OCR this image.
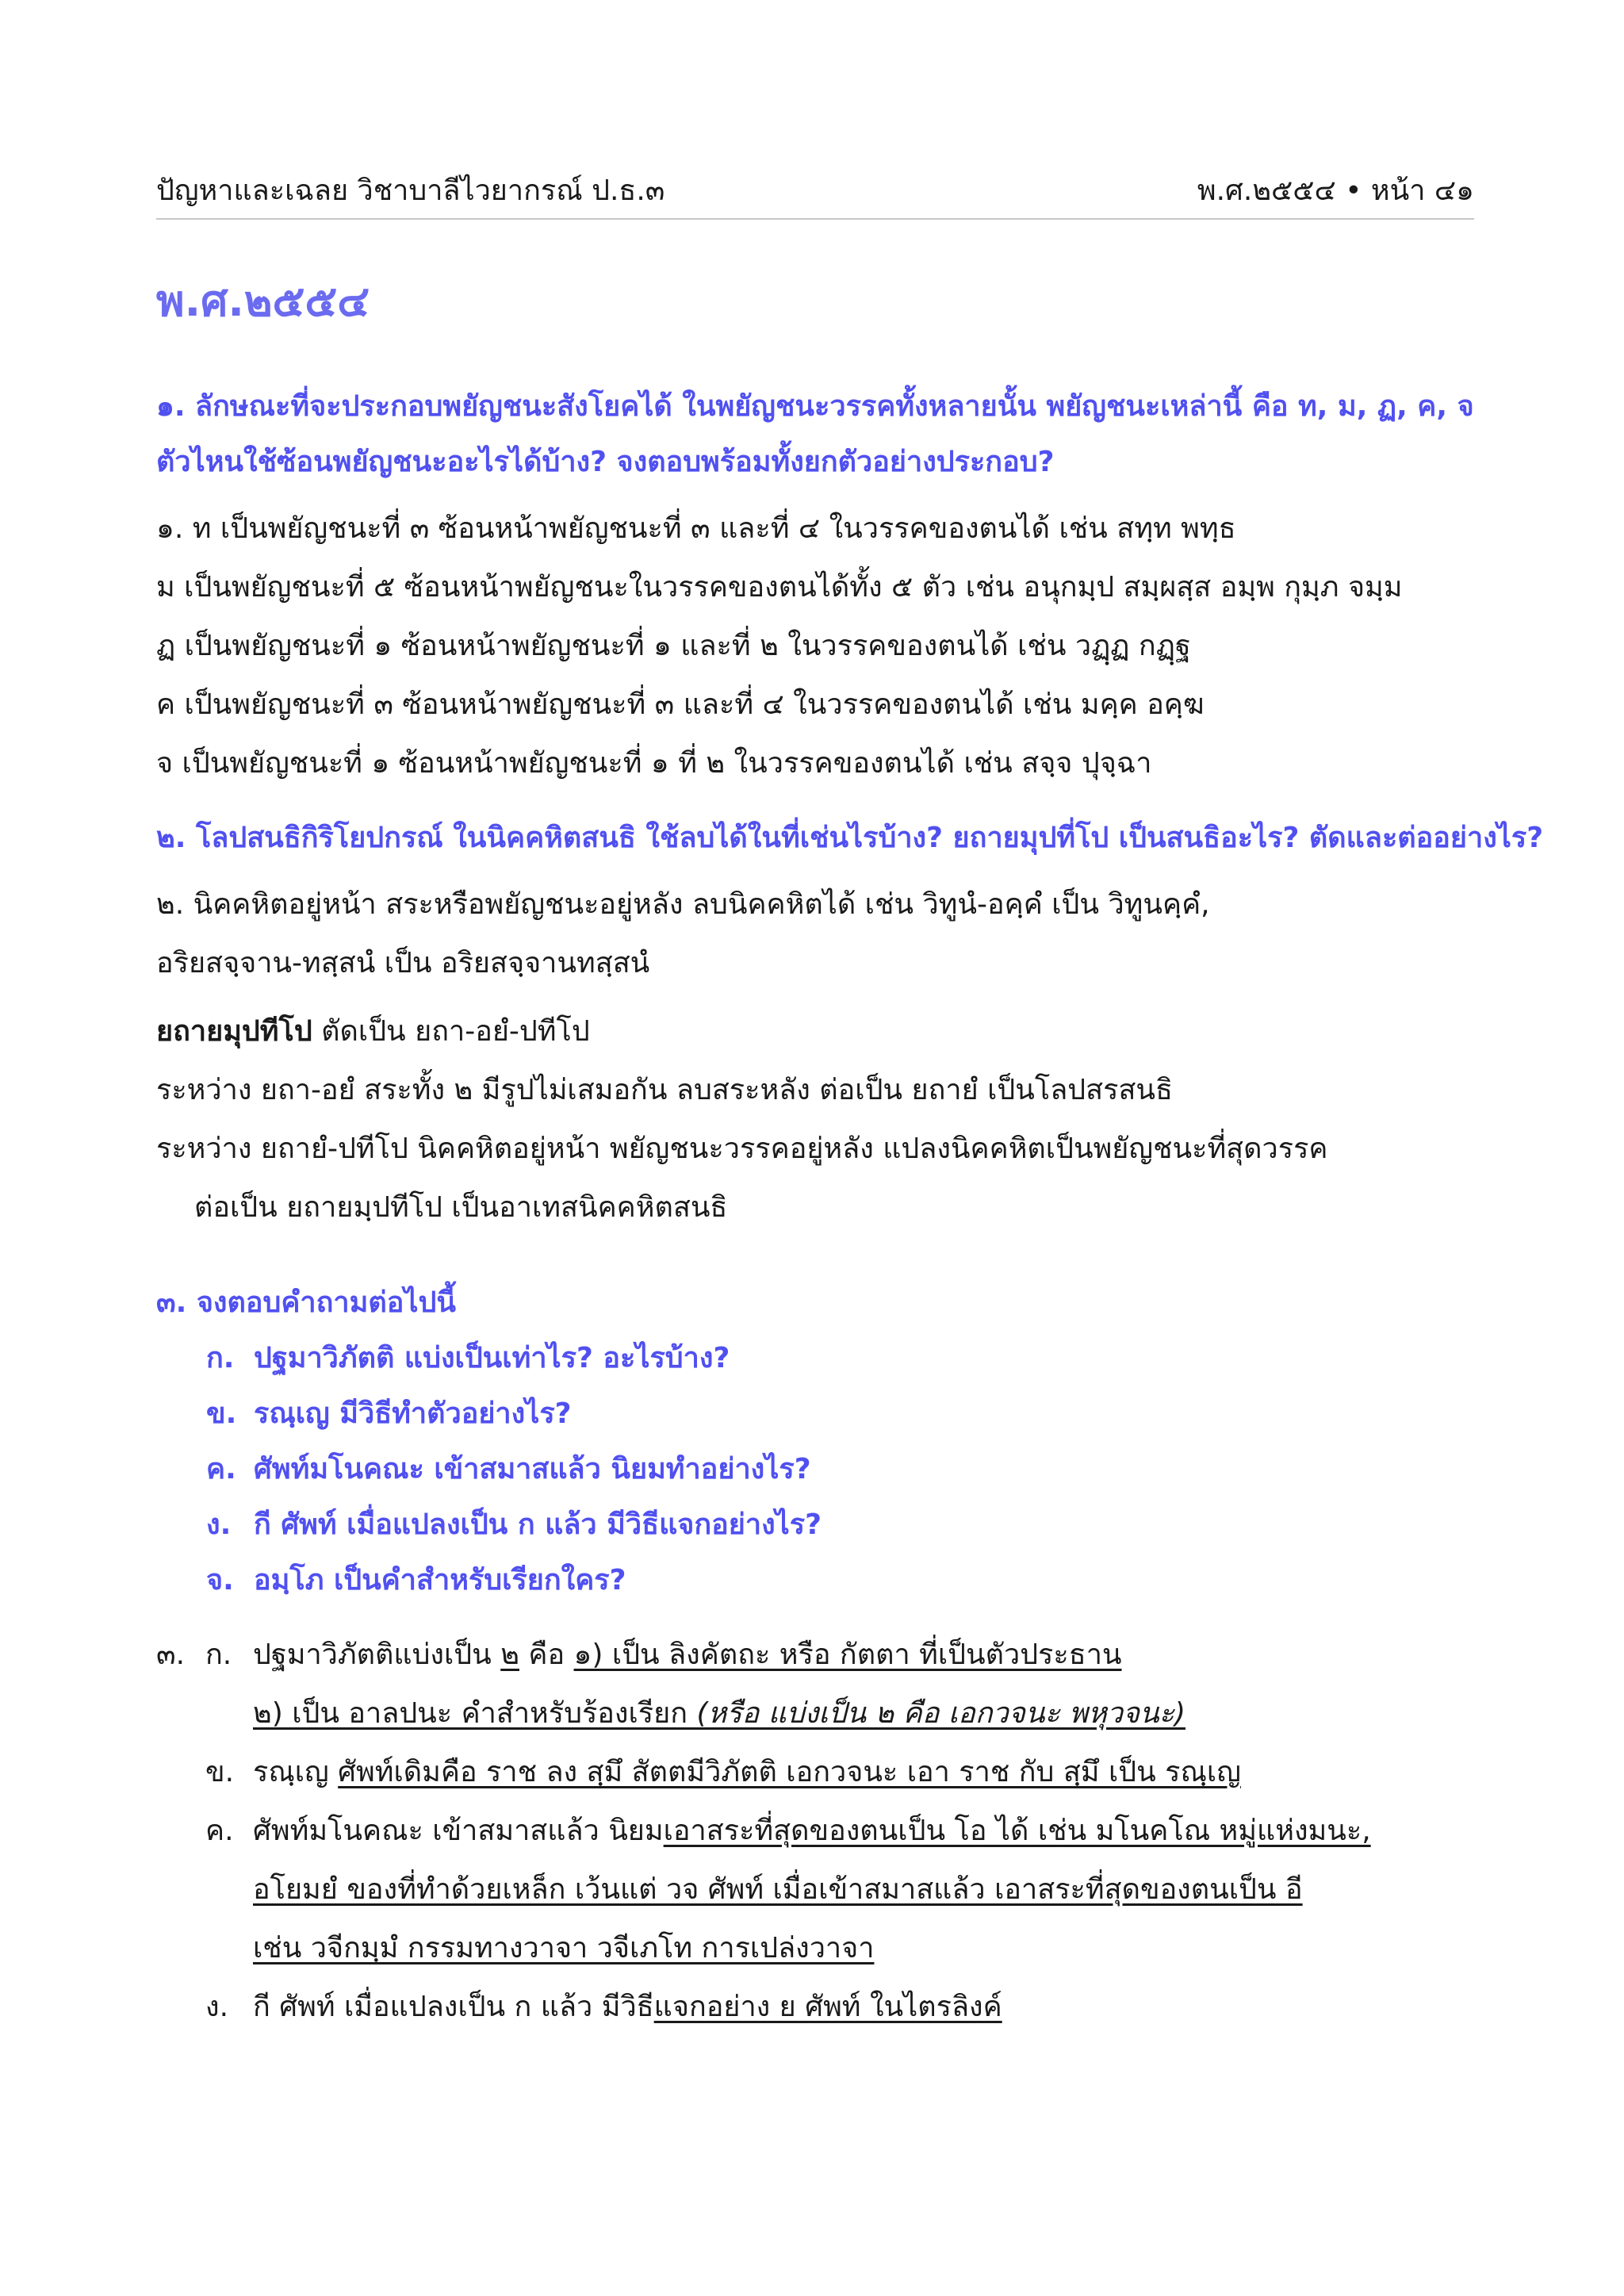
ปัญหาและเฉลย วิชาบาลีไวยากรณ์ ป.ธ.๓	พ.ศ.๒๕๕๔ • หน้า ๔๑
พ.ศ.๒๕๕๔

๑. ลักษณะที่จะประกอบพยัญชนะสังโยคได้ ในพยัญชนะวรรคทั้งหลายนั้น พยัญชนะเหล่านี้ คือ ท, ม, ฏ, ค, จ

ตัวไหนใช้ซ้อนพยัญชนะอะไรได้บ้าง? จงตอบพร้อมทั้งยกตัวอย่างประกอบ?

๑. ท เป็นพยัญชนะที่ ๓ ซ้อนหน้าพยัญชนะที่ ๓ และที่ ๔ ในวรรคของตนได้ เช่น สทฺท พทฺธ

ม เป็นพยัญชนะที่ ๕ ซ้อนหน้าพยัญชนะในวรรคของตนได้ทั้ง ๕ ตัว เช่น อนุกมฺป สมฺผสฺส อมฺพ กุมฺภ จมฺม

ฏ เป็นพยัญชนะที่ ๑ ซ้อนหน้าพยัญชนะที่ ๑ และที่ ๒ ในวรรคของตนได้ เช่น วฏฺฏ กฏฺฐ

ค เป็นพยัญชนะที่ ๓ ซ้อนหน้าพยัญชนะที่ ๓ และที่ ๔ ในวรรคของตนได้ เช่น มคฺค อคฺฆ

จ เป็นพยัญชนะที่ ๑ ซ้อนหน้าพยัญชนะที่ ๑ ที่ ๒ ในวรรคของตนได้ เช่น สจฺจ ปุจฺฉา

๒. โลปสนธิกิริโยปกรณ์ ในนิคคหิตสนธิ ใช้ลบได้ในที่เช่นไรบ้าง? ยถายมุปที่โป เป็นสนธิอะไร? ตัดและต่ออย่างไร?

๒. นิคคหิตอยู่หน้า สระหรือพยัญชนะอยู่หลัง ลบนิคคหิตได้ เช่น วิทูนํ-อคฺคํ เป็น วิทูนคฺคํ,

อริยสจฺจาน-ทสฺสนํ เป็น อริยสจฺจานทสฺสนํ

ยถายมุปทีโป ตัดเป็น ยถา-อยํ-ปทีโป

ระหว่าง ยถา-อยํ สระทั้ง ๒ มีรูปไม่เสมอกัน ลบสระหลัง ต่อเป็น ยถายํ เป็นโลปสรสนธิ

ระหว่าง ยถายํ-ปทีโป นิคคหิตอยู่หน้า พยัญชนะวรรคอยู่หลัง แปลงนิคคหิตเป็นพยัญชนะที่สุดวรรค

ต่อเป็น ยถายมฺปทีโป เป็นอาเทสนิคคหิตสนธิ

๓. จงตอบคำถามต่อไปนี้

ก. ปฐมาวิภัตติ แบ่งเป็นเท่าไร? อะไรบ้าง?

ข. รณฺเญ มีวิธีทำตัวอย่างไร?

ค. ศัพท์มโนคณะ เข้าสมาสแล้ว นิยมทำอย่างไร?

ง. กี ศัพท์ เมื่อแปลงเป็น ก แล้ว มีวิธีแจกอย่างไร?

จ. อมฺโภ เป็นคำสำหรับเรียกใคร?

๓. ก. ปฐมาวิภัตติแบ่งเป็น ๒ คือ ๑) เป็น ลิงคัตถะ หรือ กัตตา ที่เป็นตัวประธาน
๒) เป็น อาลปนะ คำสำหรับร้องเรียก (หรือ แบ่งเป็น ๒ คือ เอกวจนะ พหุวจนะ)
ข. รณฺเญ ศัพท์เดิมคือ ราช ลง สฺมึ สัตตมีวิภัตติ เอกวจนะ เอา ราช กับ สฺมึ เป็น รณฺเญ
ค. ศัพท์มโนคณะ เข้าสมาสแล้ว นิยมเอาสระที่สุดของตนเป็น โอ ได้ เช่น มโนคโณ หมู่แห่งมนะ,
อโยมยํ ของที่ทำด้วยเหล็ก เว้นแต่ วจ ศัพท์ เมื่อเข้าสมาสแล้ว เอาสระที่สุดของตนเป็น อี
เช่น วจีกมฺมํ กรรมทางวาจา วจีเภโท การเปล่งวาจา
ง. กี ศัพท์ เมื่อแปลงเป็น ก แล้ว มีวิธีแจกอย่าง ย ศัพท์ ในไตรลิงค์
